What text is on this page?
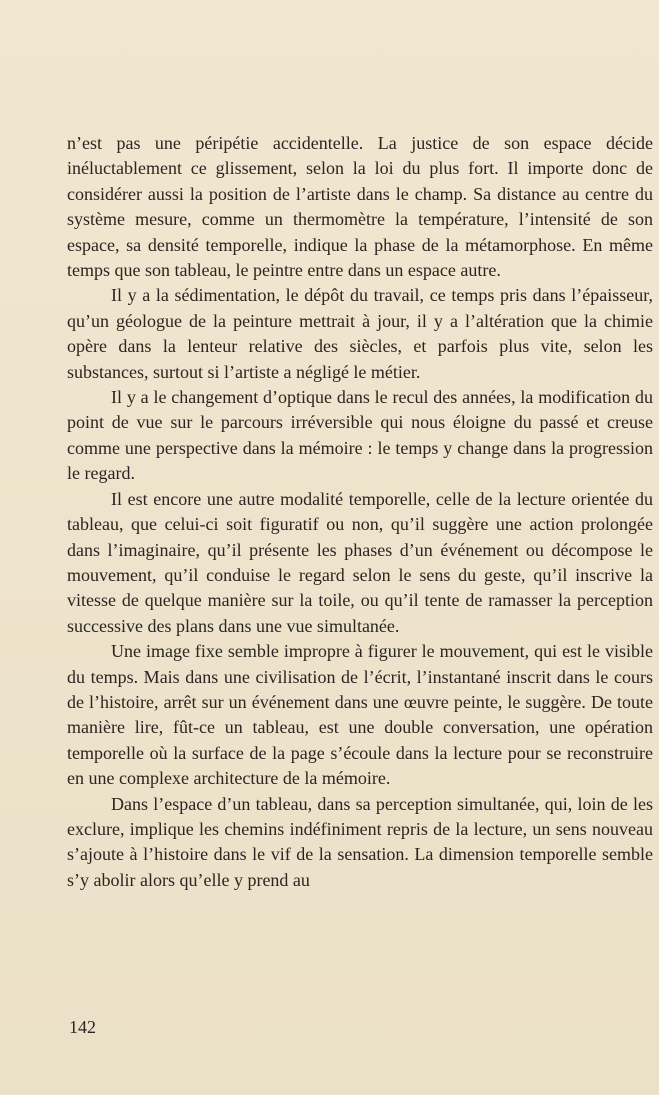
n’est pas une péripétie accidentelle. La justice de son espace décide inéluctablement ce glissement, selon la loi du plus fort. Il importe donc de considérer aussi la position de l’artiste dans le champ. Sa distance au centre du système mesure, comme un thermomètre la température, l’intensité de son espace, sa densité temporelle, indique la phase de la métamorphose. En même temps que son tableau, le peintre entre dans un espace autre.

Il y a la sédimentation, le dépôt du travail, ce temps pris dans l’épaisseur, qu’un géologue de la peinture mettrait à jour, il y a l’altération que la chimie opère dans la lenteur relative des siècles, et parfois plus vite, selon les substances, surtout si l’artiste a négligé le métier.

Il y a le changement d’optique dans le recul des années, la modification du point de vue sur le parcours irréversible qui nous éloigne du passé et creuse comme une perspective dans la mémoire : le temps y change dans la progression le regard.

Il est encore une autre modalité temporelle, celle de la lecture orientée du tableau, que celui-ci soit figuratif ou non, qu’il suggère une action prolongée dans l’imaginaire, qu’il présente les phases d’un événement ou décompose le mouvement, qu’il conduise le regard selon le sens du geste, qu’il inscrive la vitesse de quelque manière sur la toile, ou qu’il tente de ramasser la perception successive des plans dans une vue simultanée.

Une image fixe semble impropre à figurer le mouvement, qui est le visible du temps. Mais dans une civilisation de l’écrit, l’instantané inscrit dans le cours de l’histoire, arrêt sur un événement dans une œuvre peinte, le suggère. De toute manière lire, fût-ce un tableau, est une double conversation, une opération temporelle où la surface de la page s’écoule dans la lecture pour se reconstruire en une complexe architecture de la mémoire.

Dans l’espace d’un tableau, dans sa perception simultanée, qui, loin de les exclure, implique les chemins indéfiniment repris de la lecture, un sens nouveau s’ajoute à l’histoire dans le vif de la sensation. La dimension temporelle semble s’y abolir alors qu’elle y prend au

142
